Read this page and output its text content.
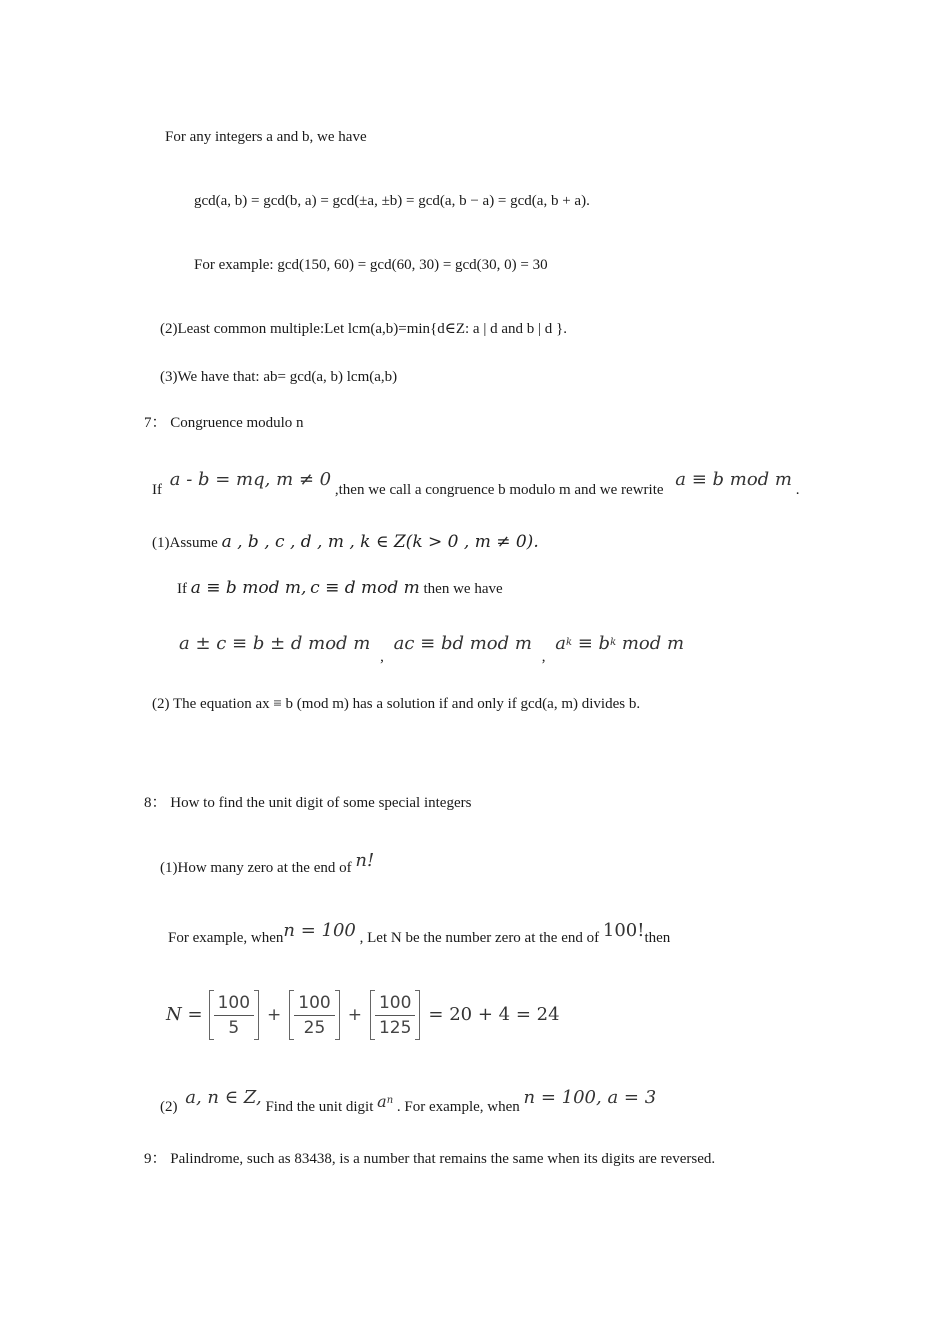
For any integers a and b, we have
gcd(a, b) = gcd(b, a) = gcd(±a, ±b) = gcd(a, b − a) = gcd(a, b + a).
For example: gcd(150, 60) = gcd(60, 30) = gcd(30, 0) = 30
(2)Least common multiple:Let lcm(a,b)=min{d∈Z: a | d and b | d }.
(3)We have that: ab= gcd(a, b) lcm(a,b)
7： Congruence modulo n
If a - b = mq, m ≠ 0 ,then we call a congruence b modulo m and we rewrite a ≡ b mod m .
(1)Assume a , b , c , d , m , k ∈ Z(k > 0 , m ≠ 0).
If a ≡ b mod m, c ≡ d mod m then we have
a ± c ≡ b ± d mod m , ac ≡ bd mod m , $a^k \equiv b^k$ mod m
(2) The equation ax ≡ b (mod m) has a solution if and only if gcd(a, m) divides b.
8： How to find the unit digit of some special integers
(1)How many zero at the end of n!
For example, whenn = 100 , Let N be the number zero at the end of 100!then
$N = \frac{100}{5} + \frac{100}{25} + \frac{100}{125} = 20 + 4 = 24$
(2) a, n ∈ Z, Find the unit digit $a^n$ . For example, when n = 100, a = 3
9： Palindrome, such as 83438, is a number that remains the same when its digits are reversed.
